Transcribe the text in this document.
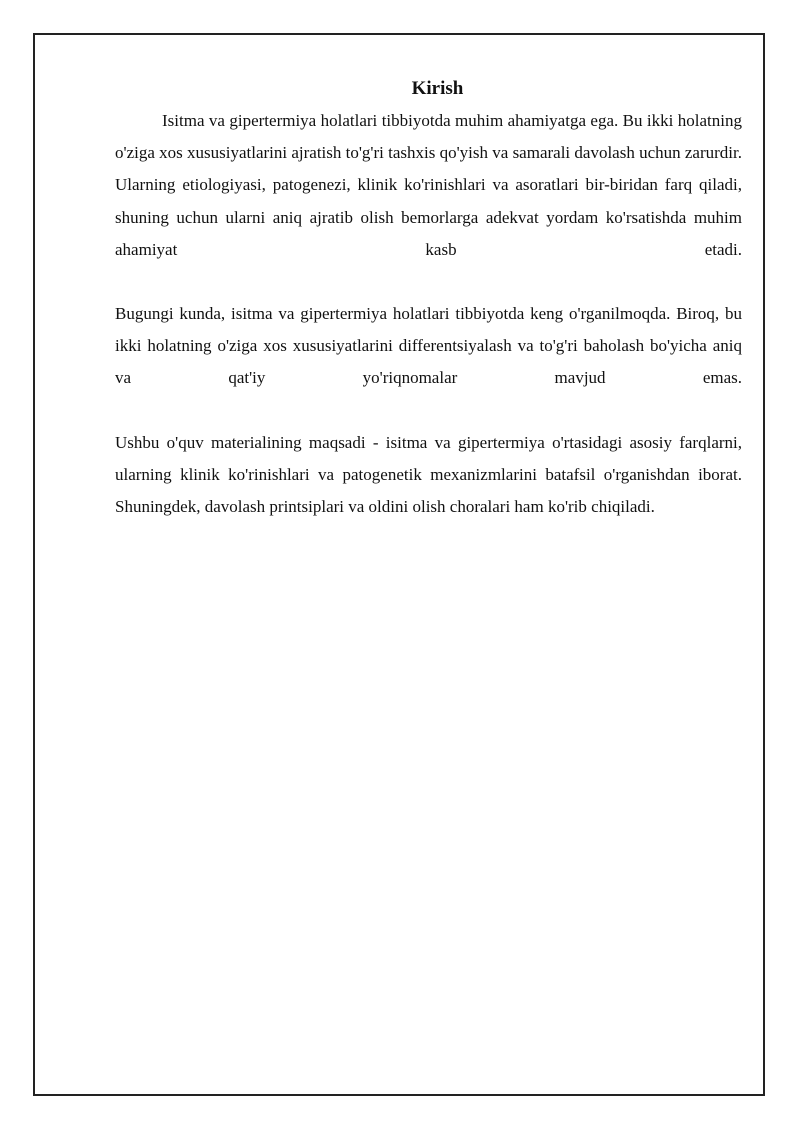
Kirish

Isitma va gipertermiya holatlari tibbiyotda muhim ahamiyatga ega. Bu ikki holatning o'ziga xos xususiyatlarini ajratish to'g'ri tashxis qo'yish va samarali davolash uchun zarurdir. Ularning etiologiyasi, patogenezi, klinik ko'rinishlari va asoratlari bir-biridan farq qiladi, shuning uchun ularni aniq ajratib olish bemorlarga adekvat yordam ko'rsatishda muhim ahamiyat kasb etadi.

Bugungi kunda, isitma va gipertermiya holatlari tibbiyotda keng o'rganilmoqda. Biroq, bu ikki holatning o'ziga xos xususiyatlarini differentsiyalash va to'g'ri baholash bo'yicha aniq va qat'iy yo'riqnomalar mavjud emas.

Ushbu o'quv materialining maqsadi - isitma va gipertermiya o'rtasidagi asosiy farqlarni, ularning klinik ko'rinishlari va patogenetik mexanizmlarini batafsil o'rganishdan iborat. Shuningdek, davolash printsiplari va oldini olish choralari ham ko'rib chiqiladi.
